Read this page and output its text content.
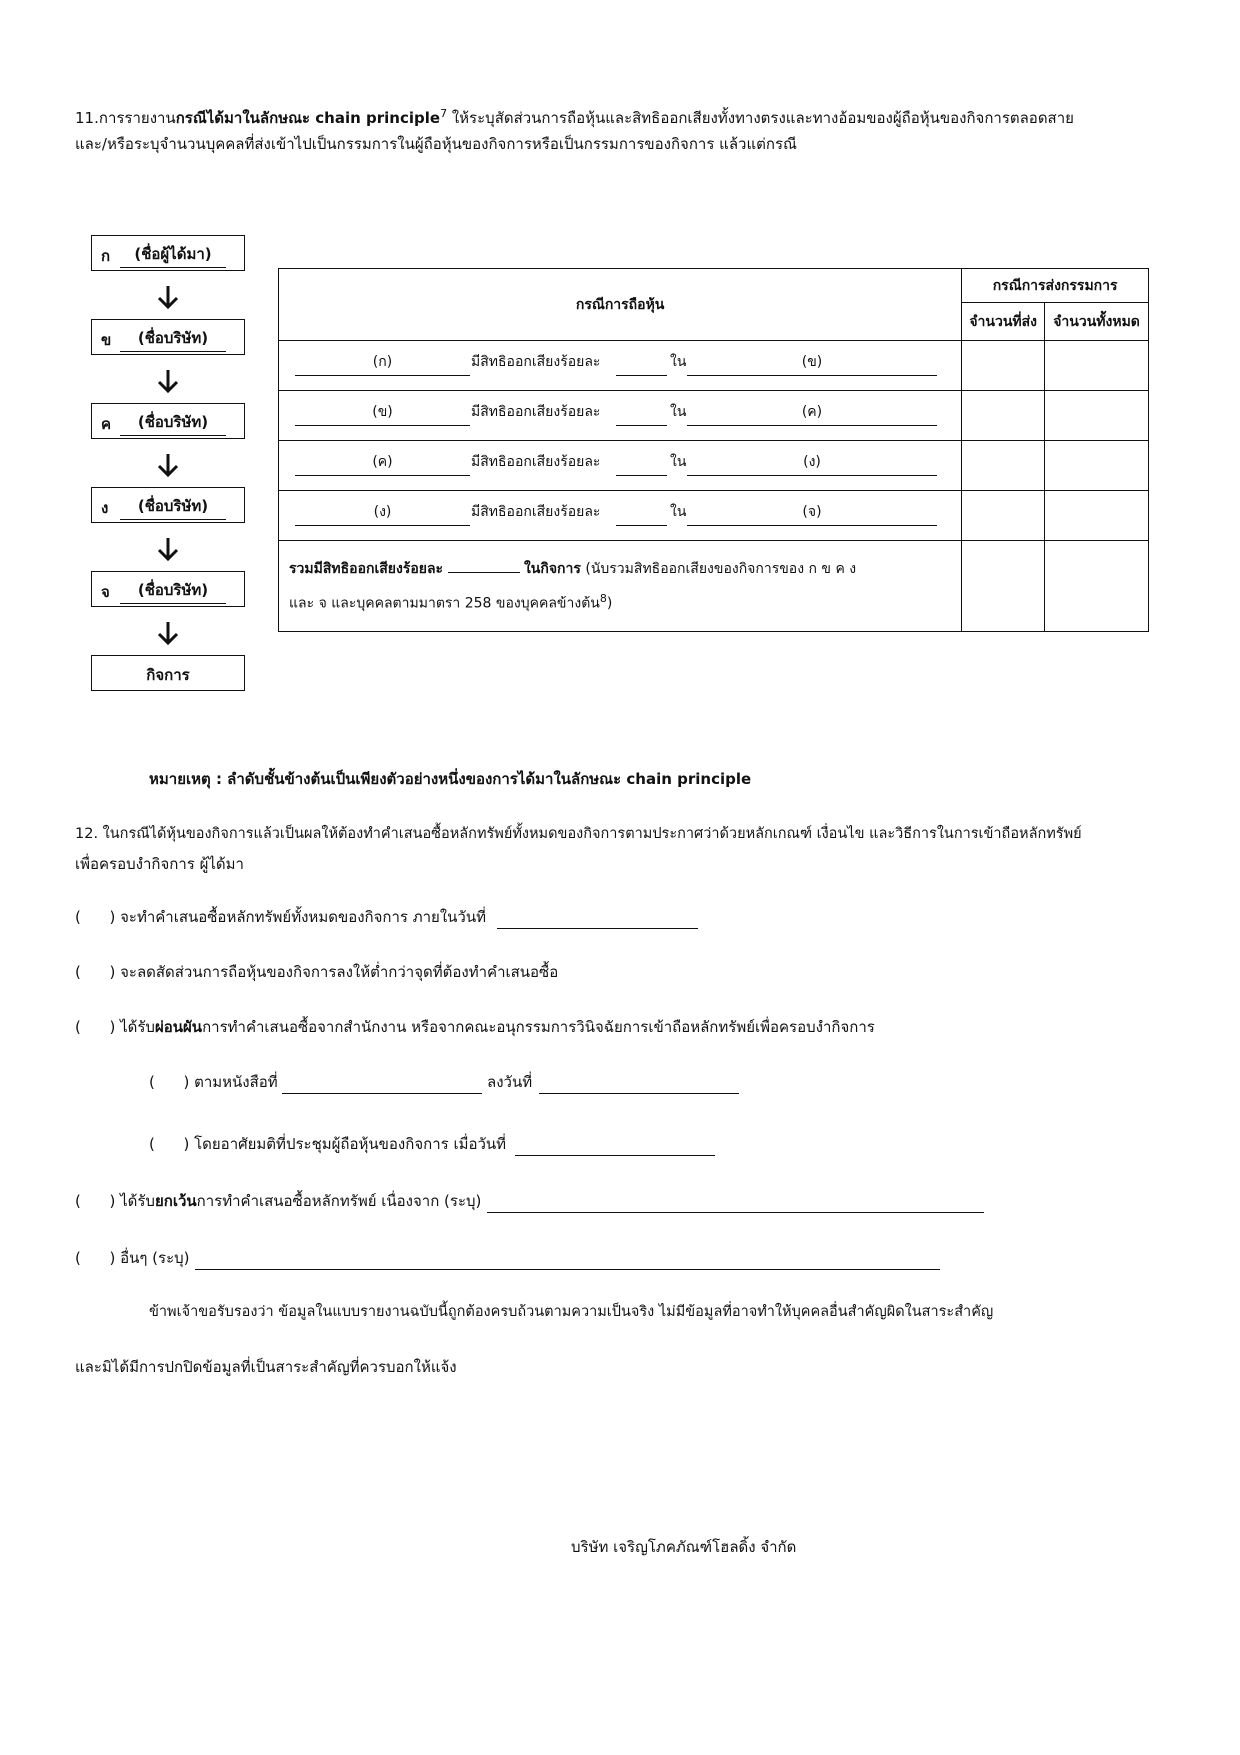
11.การรายงานกรณีได้มาในลักษณะ chain principle$^7$ ให้ระบุสัดส่วนการถือหุ้นและสิทธิออกเสียงทั้งทางตรงและทางอ้อมของผู้ถือหุ้นของกิจการตลอดสาย
และ/หรือระบุจำนวนบุคคลที่ส่งเข้าไปเป็นกรรมการในผู้ถือหุ้นของกิจการหรือเป็นกรรมการของกิจการ แล้วแต่กรณี
ก	(ชื่อผู้ได้มา)
ข	(ชื่อบริษัท)
ค	(ชื่อบริษัท)
ง	(ชื่อบริษัท)
จ	(ชื่อบริษัท)
กิจการ
กรณีการถือหุ้น	กรณีการส่งกรรมการ	
	จำนวนที่ส่ง	จำนวนทั้งหมด

(ก) มีสิทธิออกเสียงร้อยละ ใน (ข)		

(ข) มีสิทธิออกเสียงร้อยละ ใน (ค)		

(ค) มีสิทธิออกเสียงร้อยละ ใน (ง)		

(ง) มีสิทธิออกเสียงร้อยละ ใน (จ)		

รวมมีสิทธิออกเสียงร้อยละ ในกิจการ (นับรวมสิทธิออกเสียงของกิจการของ ก ข ค ง
และ จ และบุคคลตามมาตรา 258 ของบุคคลข้างต้น$^8$)		

หมายเหตุ : ลำดับชั้นข้างต้นเป็นเพียงตัวอย่างหนึ่งของการได้มาในลักษณะ chain principle
12. ในกรณีได้หุ้นของกิจการแล้วเป็นผลให้ต้องทำคำเสนอซื้อหลักทรัพย์ทั้งหมดของกิจการตามประกาศว่าด้วยหลักเกณฑ์ เงื่อนไข และวิธีการในการเข้าถือหลักทรัพย์
เพื่อครอบงำกิจการ ผู้ได้มา
(      ) จะทำคำเสนอซื้อหลักทรัพย์ทั้งหมดของกิจการ ภายในวันที่
(      ) จะลดสัดส่วนการถือหุ้นของกิจการลงให้ต่ำกว่าจุดที่ต้องทำคำเสนอซื้อ
(      ) ได้รับผ่อนผันการทำคำเสนอซื้อจากสำนักงาน หรือจากคณะอนุกรรมการวินิจฉัยการเข้าถือหลักทรัพย์เพื่อครอบงำกิจการ
(      ) ตามหนังสือที่	ลงวันที่
(      ) โดยอาศัยมติที่ประชุมผู้ถือหุ้นของกิจการ เมื่อวันที่
(      ) ได้รับยกเว้นการทำคำเสนอซื้อหลักทรัพย์ เนื่องจาก (ระบุ)
(      ) อื่นๆ (ระบุ)
ข้าพเจ้าขอรับรองว่า ข้อมูลในแบบรายงานฉบับนี้ถูกต้องครบถ้วนตามความเป็นจริง ไม่มีข้อมูลที่อาจทำให้บุคคลอื่นสำคัญผิดในสาระสำคัญ
และมิได้มีการปกปิดข้อมูลที่เป็นสาระสำคัญที่ควรบอกให้แจ้ง
บริษัท เจริญโภคภัณฑ์โฮลดิ้ง จำกัด
